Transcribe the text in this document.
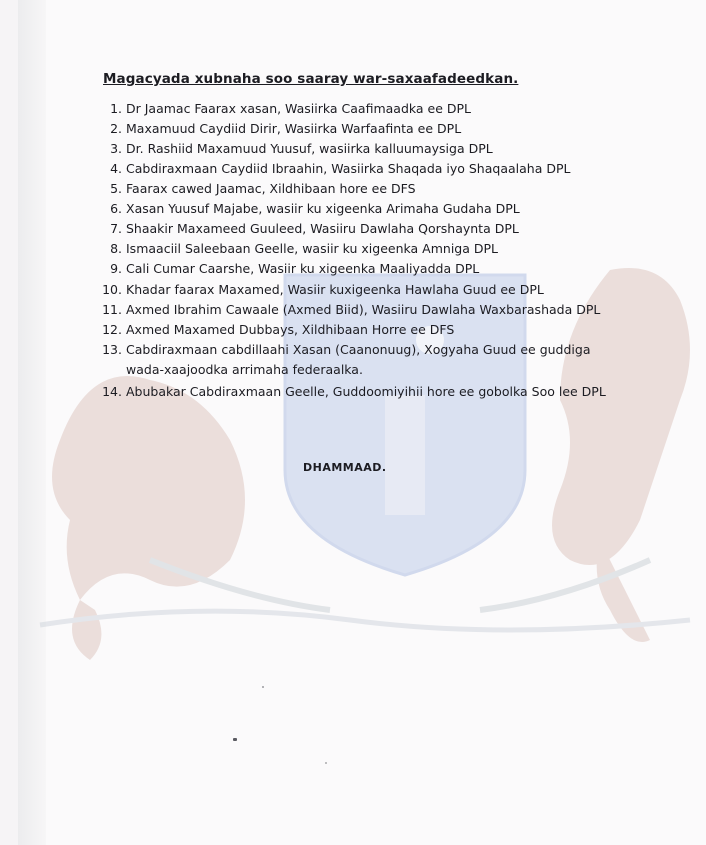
Magacyada xubnaha soo saaray war-saxaafadeedkan.
1. Dr Jaamac Faarax xasan, Wasiirka Caafimaadka ee DPL
2. Maxamuud Caydiid Dirir, Wasiirka Warfaafinta ee DPL
3. Dr. Rashiid Maxamuud Yuusuf, wasiirka kalluumaysiga DPL
4. Cabdiraxmaan Caydiid Ibraahin, Wasiirka Shaqada iyo Shaqaalaha DPL
5. Faarax cawed Jaamac, Xildhibaan hore ee DFS
6. Xasan Yuusuf Majabe, wasiir ku xigeenka Arimaha Gudaha DPL
7. Shaakir Maxameed Guuleed, Wasiiru Dawlaha Qorshaynta DPL
8. Ismaaciil Saleebaan Geelle, wasiir ku xigeenka Amniga DPL
9. Cali Cumar Caarshe, Wasiir ku xigeenka Maaliyadda DPL
10. Khadar faarax Maxamed, Wasiir kuxigeenka Hawlaha Guud ee DPL
11. Axmed Ibrahim Cawaale (Axmed Biid), Wasiiru Dawlaha Waxbarashada DPL
12. Axmed Maxamed Dubbays, Xildhibaan Horre ee DFS
13. Cabdiraxmaan cabdillaahi Xasan (Caanonuug), Xogyaha Guud ee guddiga
wada-xaajoodka arrimaha federaalka.
14. Abubakar Cabdiraxmaan Geelle, Guddoomiyihii hore ee gobolka Soo lee DPL
DHAMMAAD.
